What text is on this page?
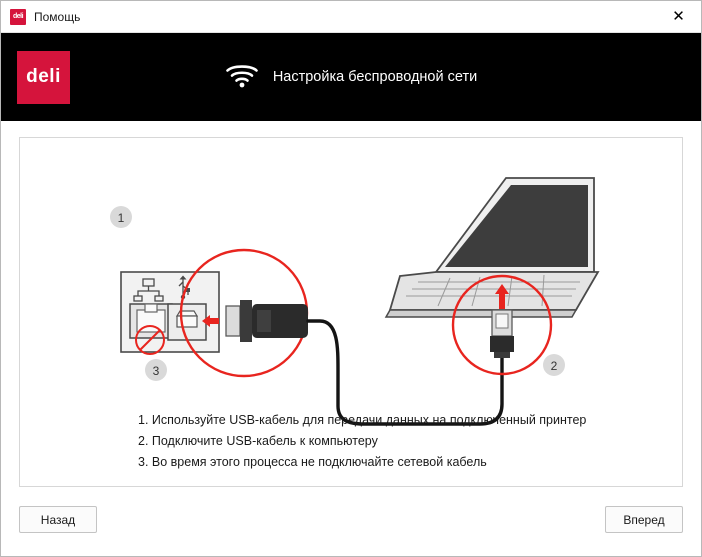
deli Помощь	✕
deli	Настройка беспроводной сети
1
3	2
1. Используйте USB-кабель для передачи данных на подключенный принтер
2. Подключите USB-кабель к компьютеру
3. Во время этого процесса не подключайте сетевой кабель
Назад	Вперед
